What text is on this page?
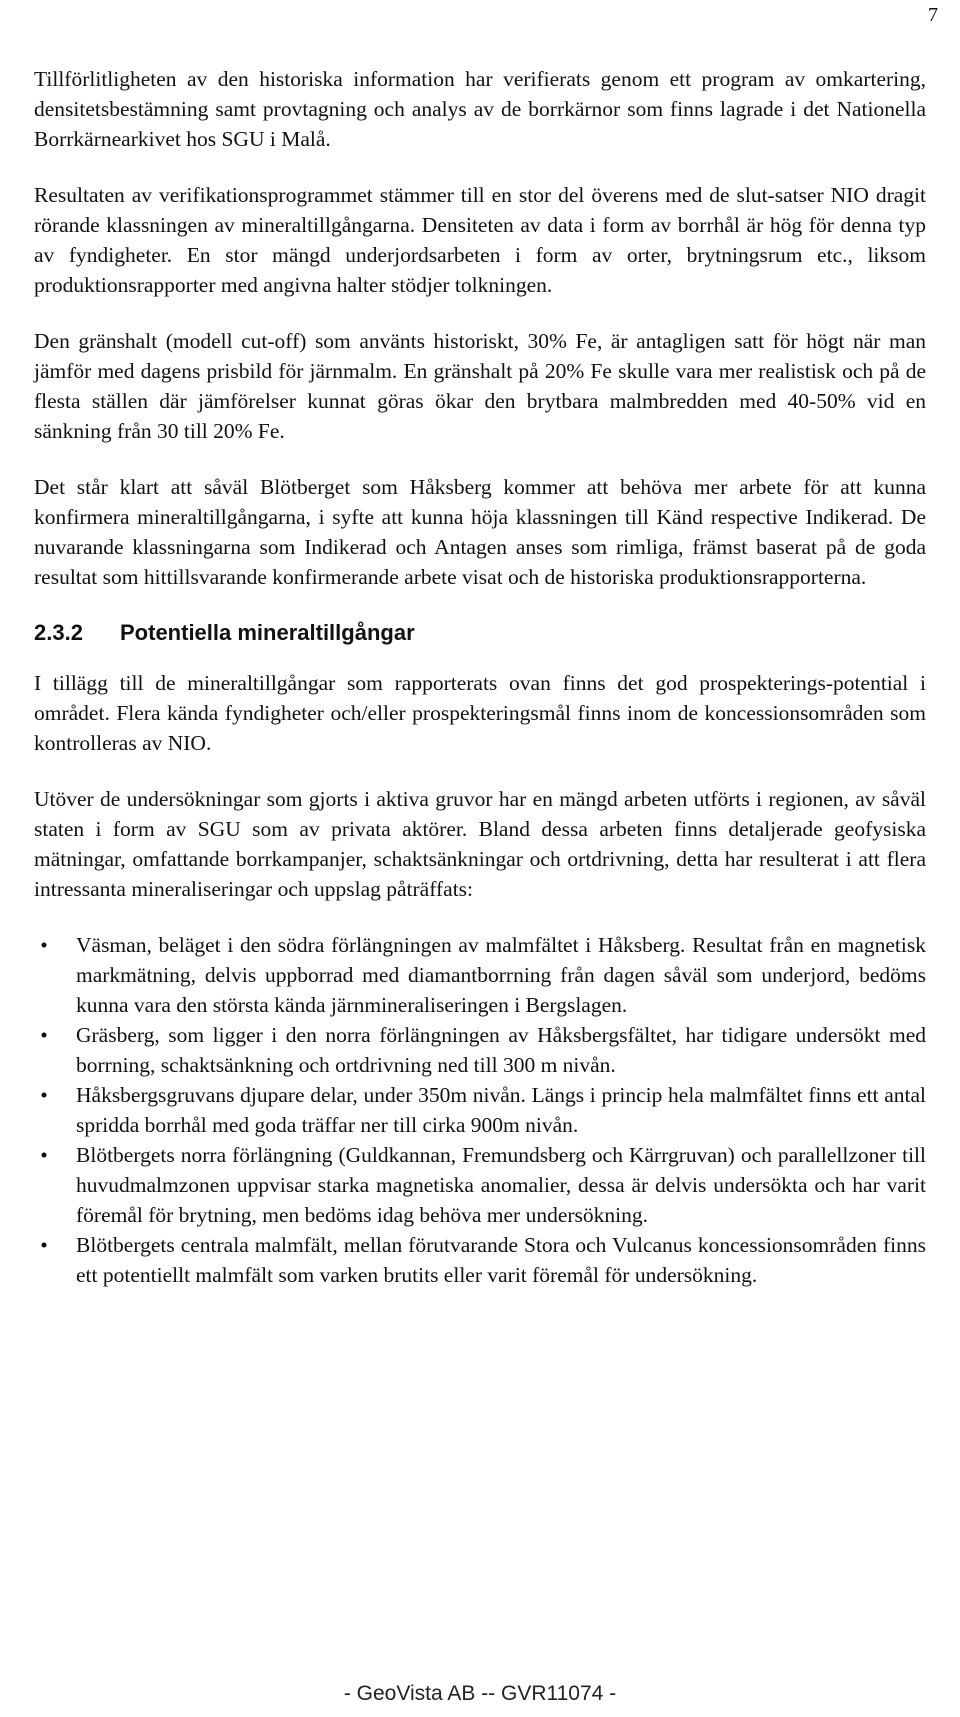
7

Tillförlitligheten av den historiska information har verifierats genom ett program av omkartering, densitetsbestämning samt provtagning och analys av de borrkärnor som finns lagrade i det Nationella Borrkärnearkivet hos SGU i Malå.

Resultaten av verifikationsprogrammet stämmer till en stor del överens med de slut-satser NIO dragit rörande klassningen av mineraltillgångarna. Densiteten av data i form av borrhål är hög för denna typ av fyndigheter. En stor mängd underjordsarbeten i form av orter, brytningsrum etc., liksom produktionsrapporter med angivna halter stödjer tolkningen.

Den gränshalt (modell cut-off) som använts historiskt, 30% Fe, är antagligen satt för högt när man jämför med dagens prisbild för järnmalm. En gränshalt på 20% Fe skulle vara mer realistisk och på de flesta ställen där jämförelser kunnat göras ökar den brytbara malmbredden med 40-50% vid en sänkning från 30 till 20% Fe.

Det står klart att såväl Blötberget som Håksberg kommer att behöva mer arbete för att kunna konfirmera mineraltillgångarna, i syfte att kunna höja klassningen till Känd respective Indikerad. De nuvarande klassningarna som Indikerad och Antagen anses som rimliga, främst baserat på de goda resultat som hittillsvarande konfirmerande arbete visat och de historiska produktionsrapporterna.

2.3.2	Potentiella mineraltillgångar

I tillägg till de mineraltillgångar som rapporterats ovan finns det god prospekterings-potential i området. Flera kända fyndigheter och/eller prospekteringsmål finns inom de koncessionsområden som kontrolleras av NIO.

Utöver de undersökningar som gjorts i aktiva gruvor har en mängd arbeten utförts i regionen, av såväl staten i form av SGU som av privata aktörer. Bland dessa arbeten finns detaljerade geofysiska mätningar, omfattande borrkampanjer, schaktsänkningar och ortdrivning, detta har resulterat i att flera intressanta mineraliseringar och uppslag påträffats:

• Väsman, beläget i den södra förlängningen av malmfältet i Håksberg. Resultat från en magnetisk markmätning, delvis uppborrad med diamantborrning från dagen såväl som underjord, bedöms kunna vara den största kända järnmineraliseringen i Bergslagen.
• Gräsberg, som ligger i den norra förlängningen av Håksbergsfältet, har tidigare undersökt med borrning, schaktsänkning och ortdrivning ned till 300 m nivån.
• Håksbergsgruvans djupare delar, under 350m nivån. Längs i princip hela malmfältet finns ett antal spridda borrhål med goda träffar ner till cirka 900m nivån.
• Blötbergets norra förlängning (Guldkannan, Fremundsberg och Kärrgruvan) och parallellzoner till huvudmalmzonen uppvisar starka magnetiska anomalier, dessa är delvis undersökta och har varit föremål för brytning, men bedöms idag behöva mer undersökning.
• Blötbergets centrala malmfält, mellan förutvarande Stora och Vulcanus koncessionsområden finns ett potentiellt malmfält som varken brutits eller varit föremål för undersökning.
- GeoVista AB -- GVR11074 -
